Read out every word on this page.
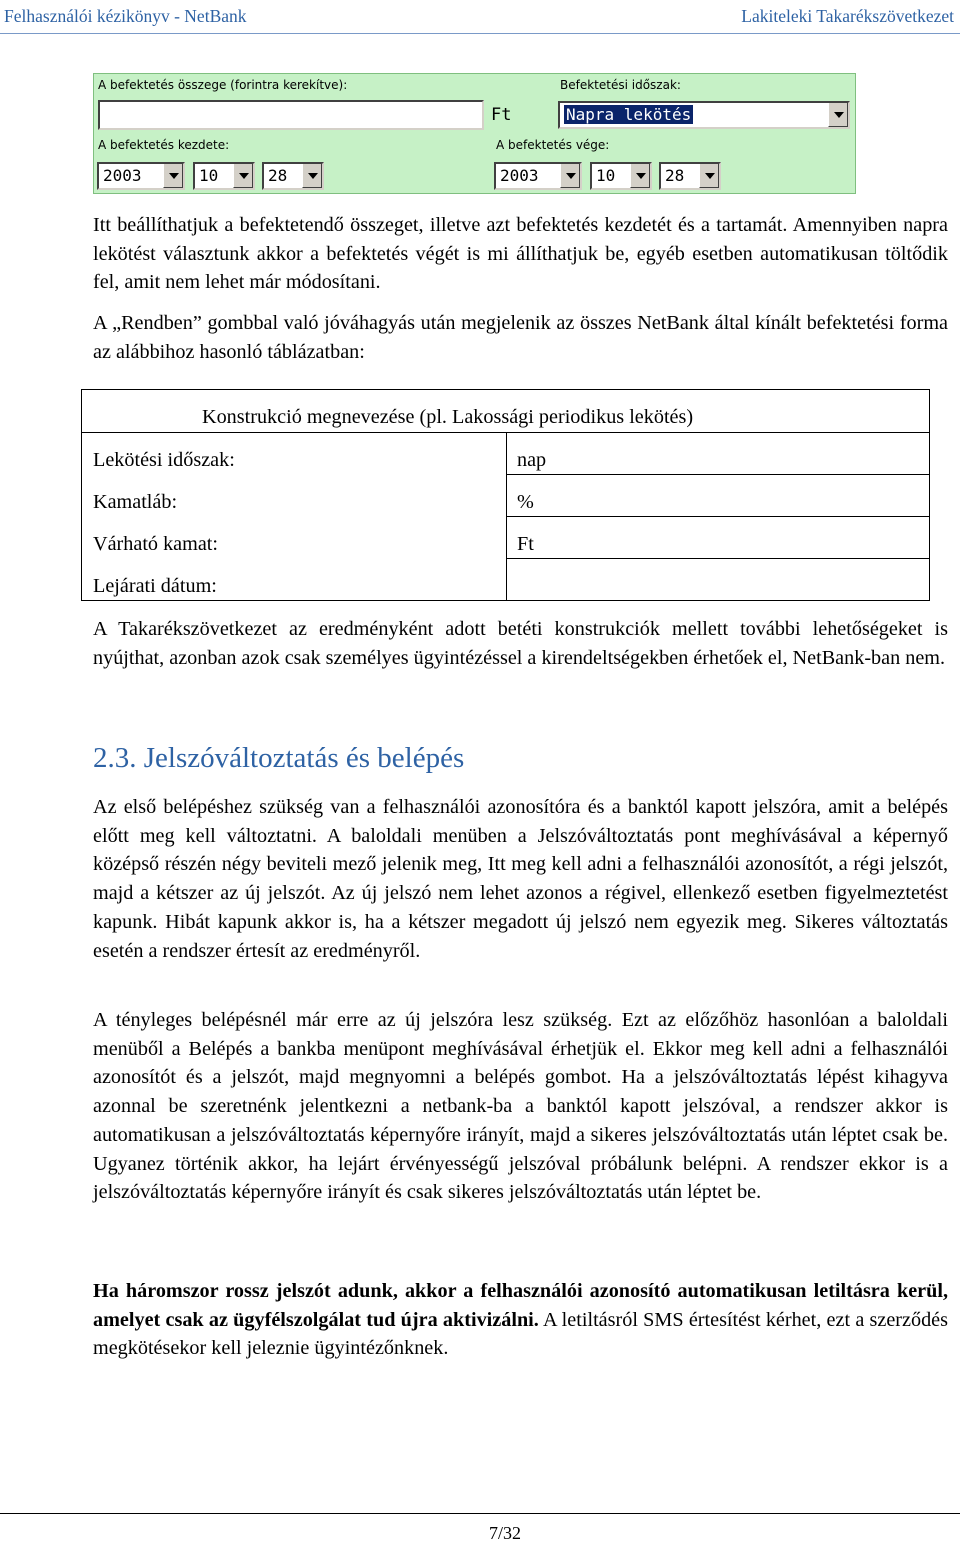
Felhasználói kézikönyv - NetBank	Lakiteleki Takarékszövetkezet
A befektetés összege (forintra kerekítve):
Ft
Befektetési időszak:
Napra lekötés
A befektetés kezdete:
2003	10	28
A befektetés vége:
2003	10	28

Itt beállíthatjuk a befektetendő összeget, illetve azt befektetés kezdetét és a tartamát. Amennyiben napra lekötést választunk akkor a befektetés végét is mi állíthatjuk be, egyéb esetben automatikusan töltődik fel, amit nem lehet már módosítani.

A „Rendben” gombbal való jóváhagyás után megjelenik az összes NetBank által kínált befektetési forma az alábbihoz hasonló táblázatban:

Konstrukció megnevezése (pl. Lakossági periodikus lekötés)
Lekötési időszak:	nap
Kamatláb:	%
Várható kamat:	Ft
Lejárati dátum:

A Takarékszövetkezet az eredményként adott betéti konstrukciók mellett további lehetőségeket is nyújthat, azonban azok csak személyes ügyintézéssel a kirendeltségekben érhetőek el, NetBank-ban nem.

2.3. Jelszóváltoztatás és belépés

Az első belépéshez szükség van a felhasználói azonosítóra és a banktól kapott jelszóra, amit a belépés előtt meg kell változtatni. A baloldali menüben a Jelszóváltoztatás pont meghívásával a képernyő középső részén négy beviteli mező jelenik meg, Itt meg kell adni a felhasználói azonosítót, a régi jelszót, majd a kétszer az új jelszót. Az új jelszó nem lehet azonos a régivel, ellenkező esetben figyelmeztetést kapunk. Hibát kapunk akkor is, ha a kétszer megadott új jelszó nem egyezik meg. Sikeres változtatás esetén a rendszer értesít az eredményről.

A tényleges belépésnél már erre az új jelszóra lesz szükség. Ezt az előzőhöz hasonlóan a baloldali menüből a Belépés a bankba menüpont meghívásával érhetjük el. Ekkor meg kell adni a felhasználói azonosítót és a jelszót, majd megnyomni a belépés gombot. Ha a jelszóváltoztatás lépést kihagyva azonnal be szeretnénk jelentkezni a netbank-ba a banktól kapott jelszóval, a rendszer akkor is automatikusan a jelszóváltoztatás képernyőre irányít, majd a sikeres jelszóváltoztatás után léptet csak be. Ugyanez történik akkor, ha lejárt érvényességű jelszóval próbálunk belépni. A rendszer ekkor is a jelszóváltoztatás képernyőre irányít és csak sikeres jelszóváltoztatás után léptet be.

Ha háromszor rossz jelszót adunk, akkor a felhasználói azonosító automatikusan letiltásra kerül, amelyet csak az ügyfélszolgálat tud újra aktivizálni. A letiltásról SMS értesítést kérhet, ezt a szerződés megkötésekor kell jeleznie ügyintézőnknek.

7/32
